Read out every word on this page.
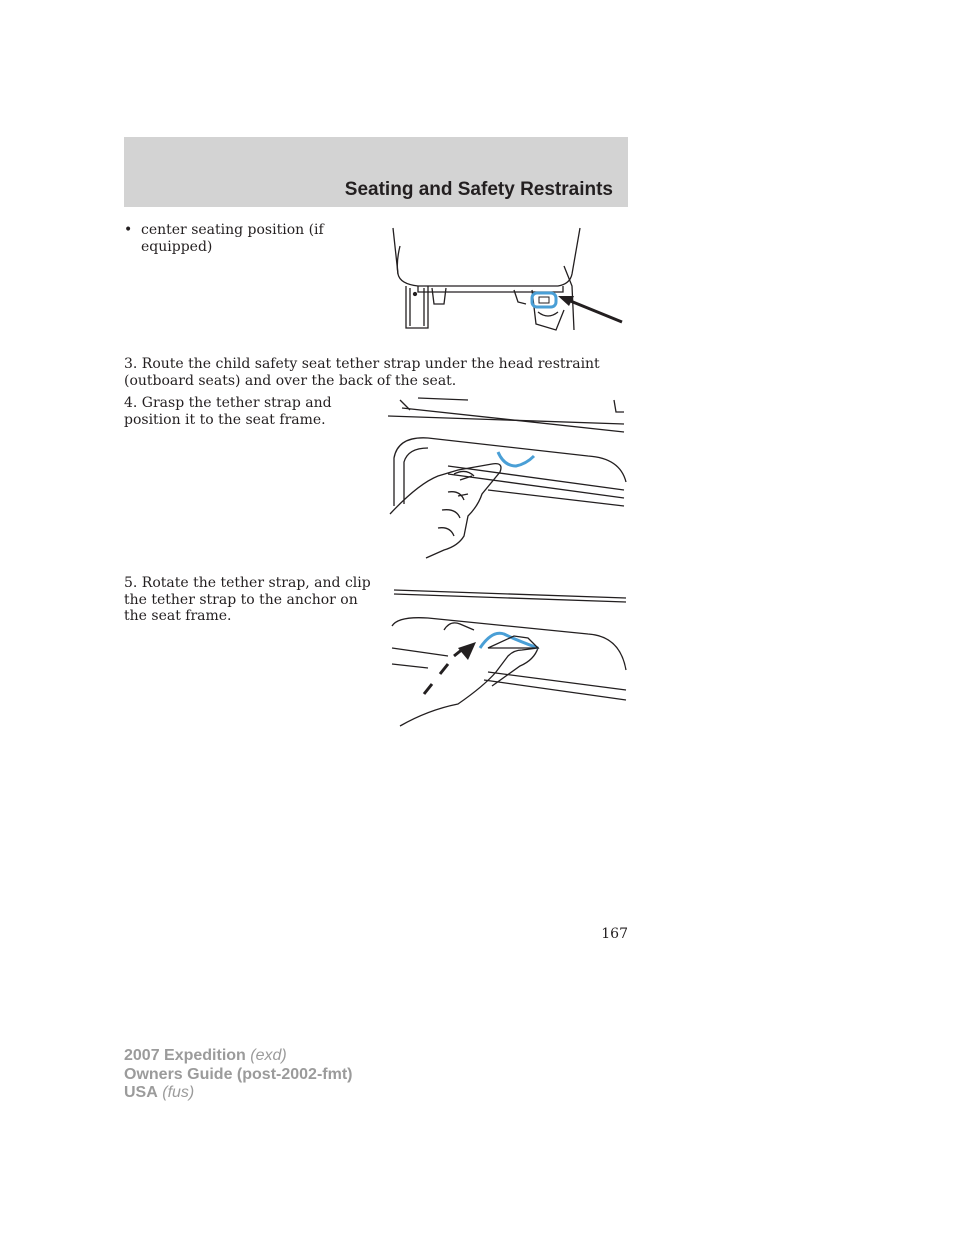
Seating and Safety Restraints
• center seating position (if equipped)
3. Route the child safety seat tether strap under the head restraint (outboard seats) and over the back of the seat.
4. Grasp the tether strap and position it to the seat frame.
5. Rotate the tether strap, and clip the tether strap to the anchor on the seat frame.
167
2007 Expedition (exd)
Owners Guide (post-2002-fmt)
USA (fus)
